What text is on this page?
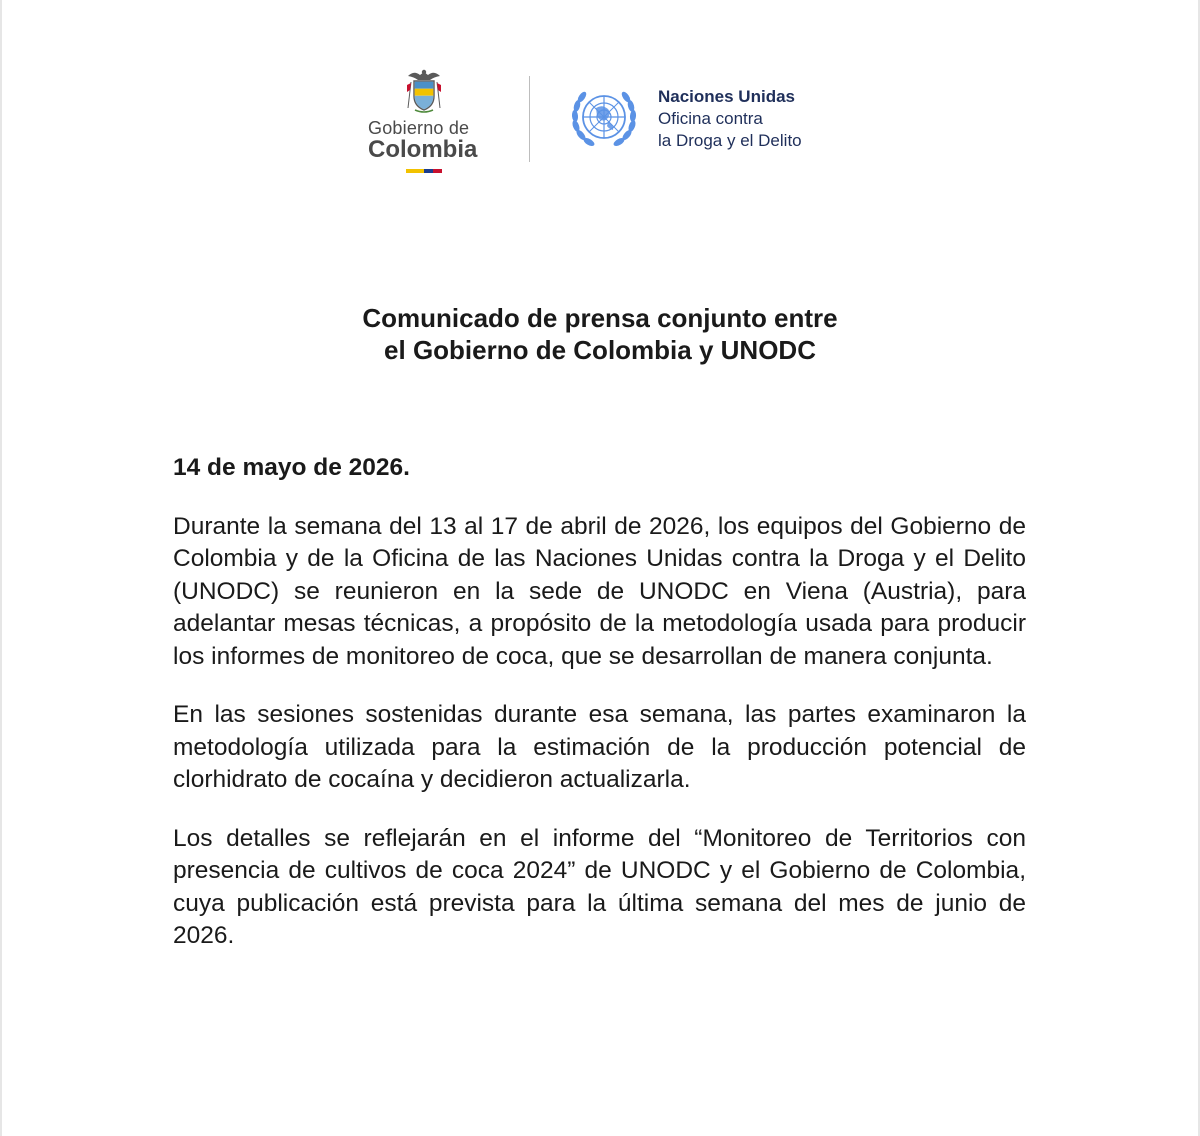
Gobierno de
Colombia
Naciones Unidas
Oficina contra
la Droga y el Delito
Comunicado de prensa conjunto entre
el Gobierno de Colombia y UNODC

14 de mayo de 2026.

Durante la semana del 13 al 17 de abril de 2026, los equipos del Gobierno de Colombia y de la Oficina de las Naciones Unidas contra la Droga y el Delito (UNODC) se reunieron en la sede de UNODC en Viena (Austria), para adelantar mesas técnicas, a propósito de la metodología usada para producir los informes de monitoreo de coca, que se desarrollan de manera conjunta.

En las sesiones sostenidas durante esa semana, las partes examinaron la metodología utilizada para la estimación de la producción potencial de clorhidrato de cocaína y decidieron actualizarla.

Los detalles se reflejarán en el informe del “Monitoreo de Territorios con presencia de cultivos de coca 2024” de UNODC y el Gobierno de Colombia, cuya publicación está prevista para la última semana del mes de junio de 2026.
